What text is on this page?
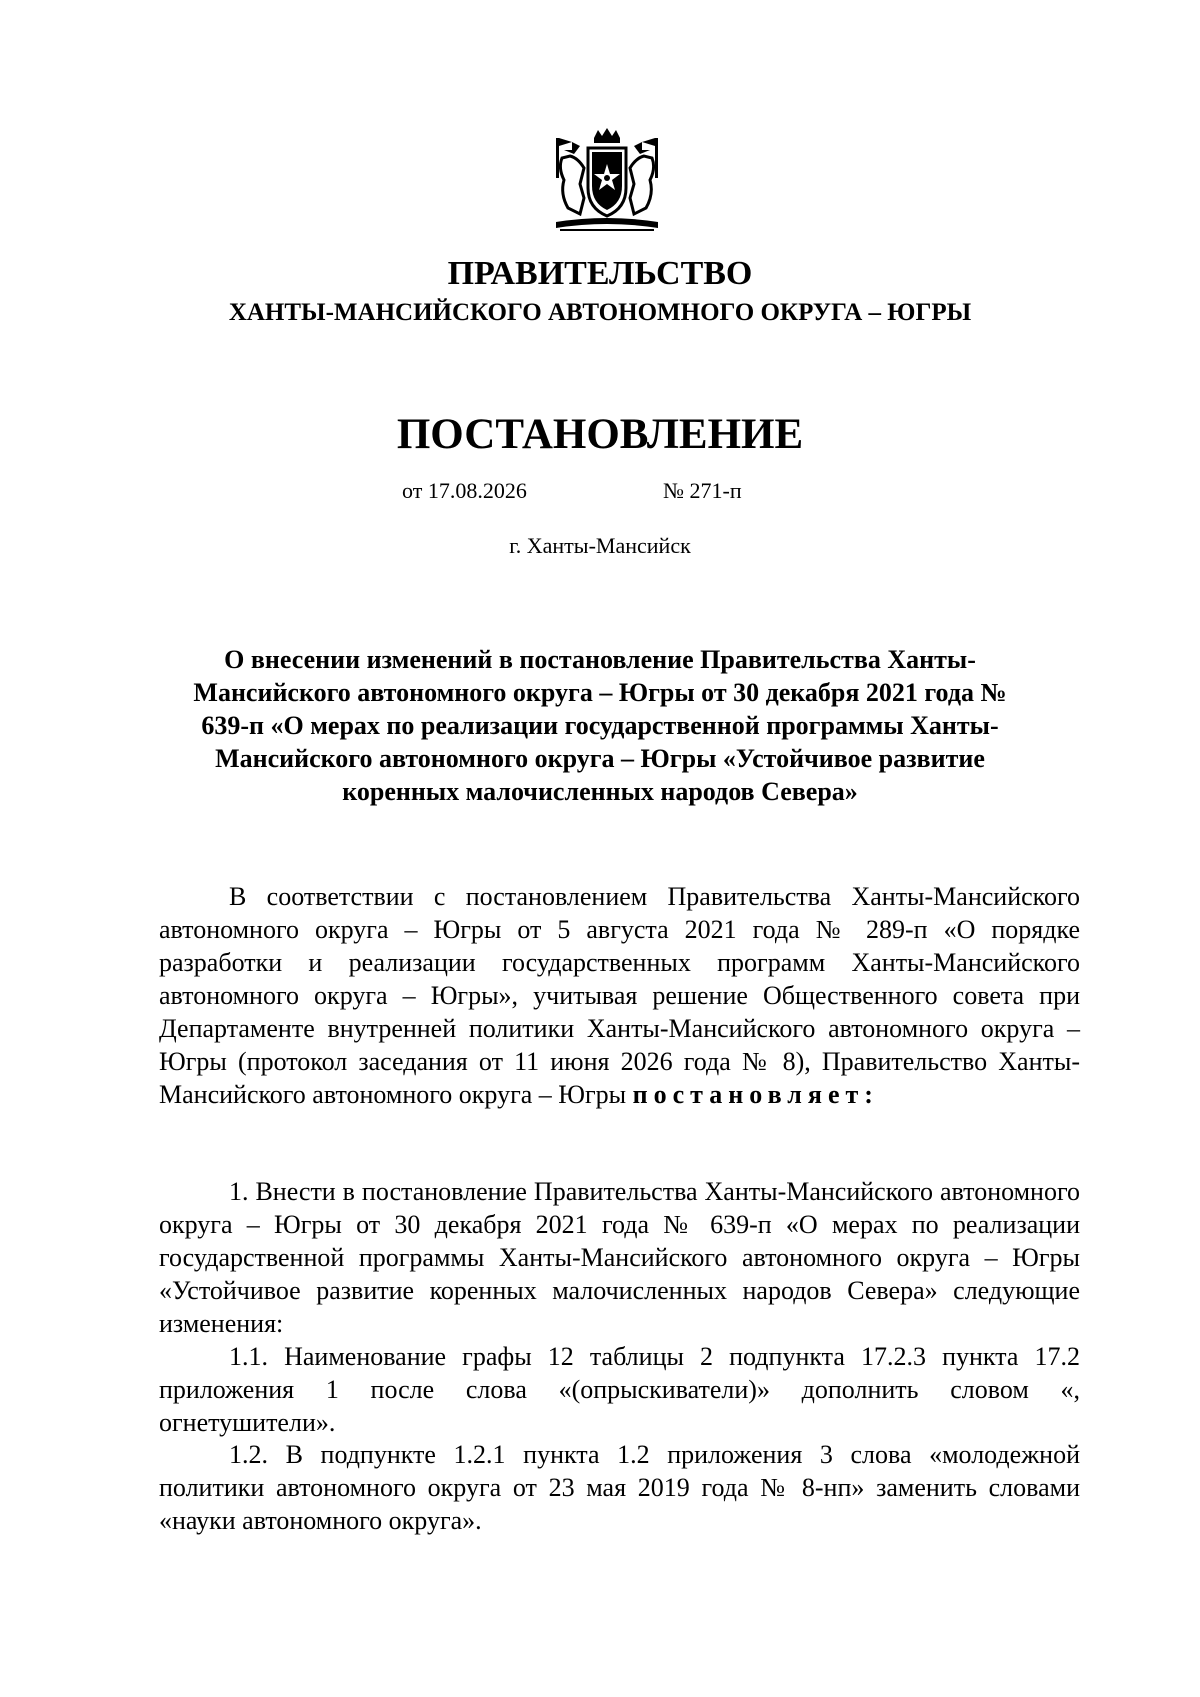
ПРАВИТЕЛЬСТВО
ХАНТЫ-МАНСИЙСКОГО АВТОНОМНОГО ОКРУГА – ЮГРЫ
ПОСТАНОВЛЕНИЕ
от 17.08.2026	№ 271-п
г. Ханты-Мансийск
О внесении изменений в постановление Правительства Ханты-Мансийского автономного округа – Югры от 30 декабря 2021 года № 639-п «О мерах по реализации государственной программы Ханты-Мансийского автономного округа – Югры «Устойчивое развитие коренных малочисленных народов Севера»
В соответствии с постановлением Правительства Ханты-Мансийского автономного округа – Югры от 5 августа 2021 года № 289-п «О порядке разработки и реализации государственных программ Ханты-Мансийского автономного округа – Югры», учитывая решение Общественного совета при Департаменте внутренней политики Ханты-Мансийского автономного округа – Югры (протокол заседания от 11 июня 2026 года № 8), Правительство Ханты-Мансийского автономного округа – Югры постановляет:
1. Внести в постановление Правительства Ханты-Мансийского автономного округа – Югры от 30 декабря 2021 года № 639-п «О мерах по реализации государственной программы Ханты-Мансийского автономного округа – Югры «Устойчивое развитие коренных малочисленных народов Севера» следующие изменения:
1.1. Наименование графы 12 таблицы 2 подпункта 17.2.3 пункта 17.2 приложения 1 после слова «(опрыскиватели)» дополнить словом «, огнетушители».
1.2. В подпункте 1.2.1 пункта 1.2 приложения 3 слова «молодежной политики автономного округа от 23 мая 2019 года № 8-нп» заменить словами «науки автономного округа».
